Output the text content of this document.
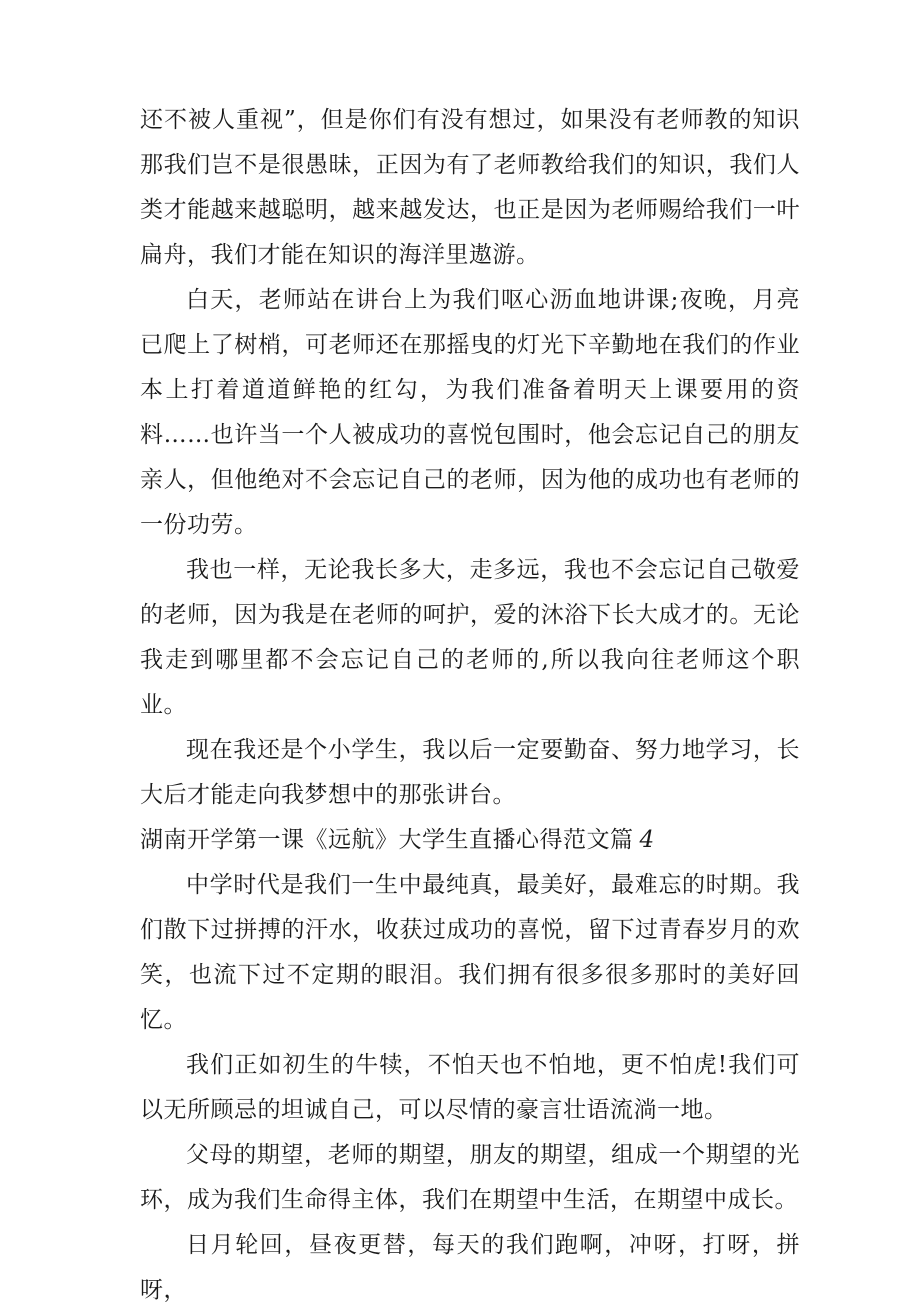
还不被人重视”，但是你们有没有想过，如果没有老师教的知识那我们岂不是很愚昧，正因为有了老师教给我们的知识，我们人类才能越来越聪明，越来越发达，也正是因为老师赐给我们一叶扁舟，我们才能在知识的海洋里遨游。

白天，老师站在讲台上为我们呕心沥血地讲课;夜晚，月亮已爬上了树梢，可老师还在那摇曳的灯光下辛勤地在我们的作业本上打着道道鲜艳的红勾，为我们准备着明天上课要用的资料……也许当一个人被成功的喜悦包围时，他会忘记自己的朋友亲人，但他绝对不会忘记自己的老师，因为他的成功也有老师的一份功劳。

我也一样，无论我长多大，走多远，我也不会忘记自己敬爱的老师，因为我是在老师的呵护，爱的沐浴下长大成才的。无论我走到哪里都不会忘记自己的老师的,所以我向往老师这个职业。

现在我还是个小学生，我以后一定要勤奋、努力地学习，长大后才能走向我梦想中的那张讲台。

湖南开学第一课《远航》大学生直播心得范文篇 4

中学时代是我们一生中最纯真，最美好，最难忘的时期。我们散下过拼搏的汗水，收获过成功的喜悦，留下过青春岁月的欢笑，也流下过不定期的眼泪。我们拥有很多很多那时的美好回忆。

我们正如初生的牛犊，不怕天也不怕地，更不怕虎!我们可以无所顾忌的坦诚自己，可以尽情的豪言壮语流淌一地。

父母的期望，老师的期望，朋友的期望，组成一个期望的光环，成为我们生命得主体，我们在期望中生活，在期望中成长。

日月轮回，昼夜更替，每天的我们跑啊，冲呀，打呀，拼呀，
